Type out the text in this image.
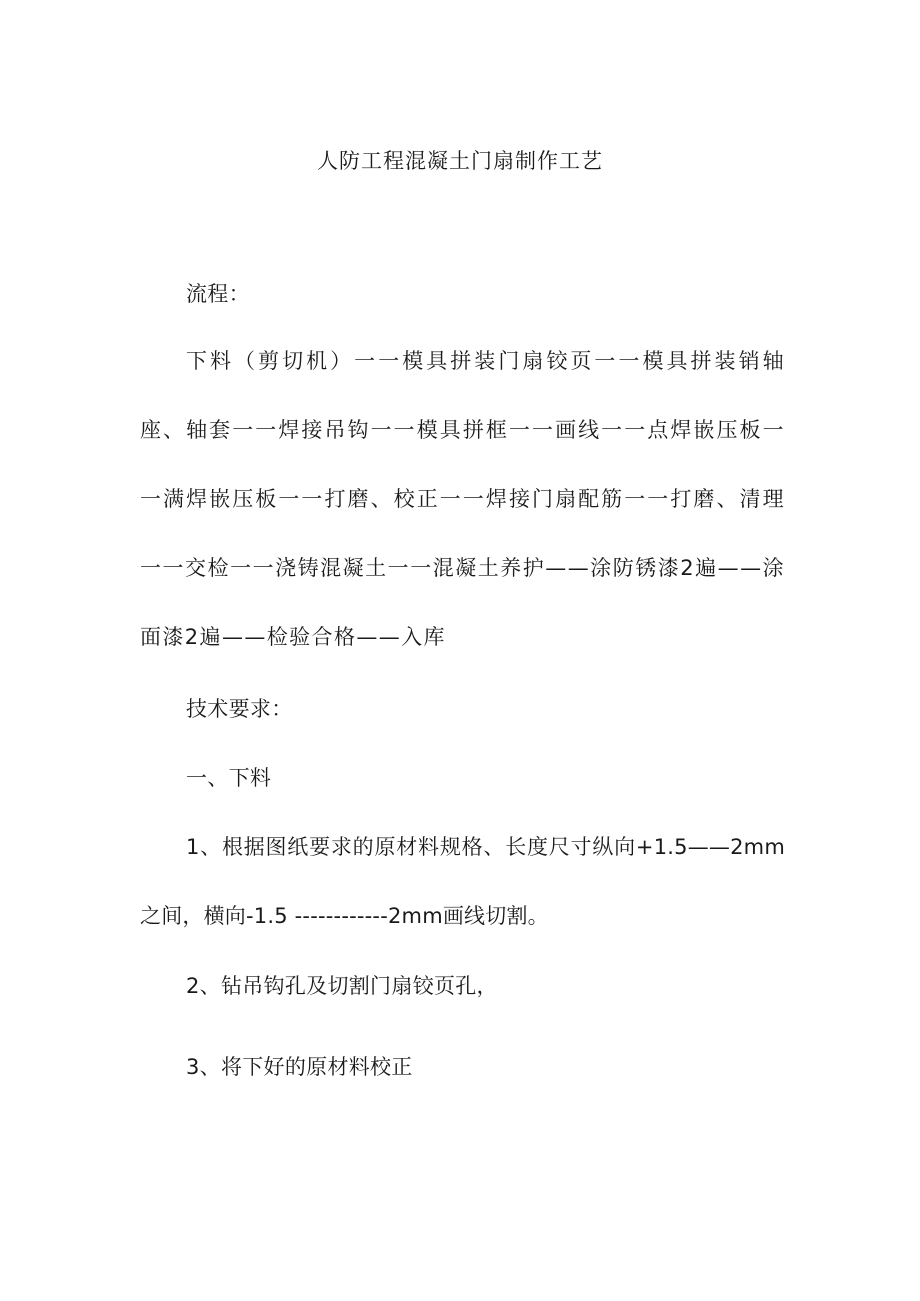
人防工程混凝土门扇制作工艺

流程：

下料（剪切机）一一模具拼装门扇铰页一一模具拼装销轴座、轴套一一焊接吊钩一一模具拼框一一画线一一点焊嵌压板一一满焊嵌压板一一打磨、校正一一焊接门扇配筋一一打磨、清理一一交检一一浇铸混凝土一一混凝土养护——涂防锈漆2遍——涂面漆2遍——检验合格——入库

技术要求：

一、下料

1、根据图纸要求的原材料规格、长度尺寸纵向+1.5——2mm之间，横向-1.5 ------------2mm画线切割。

2、钻吊钩孔及切割门扇铰页孔，

3、将下好的原材料校正
